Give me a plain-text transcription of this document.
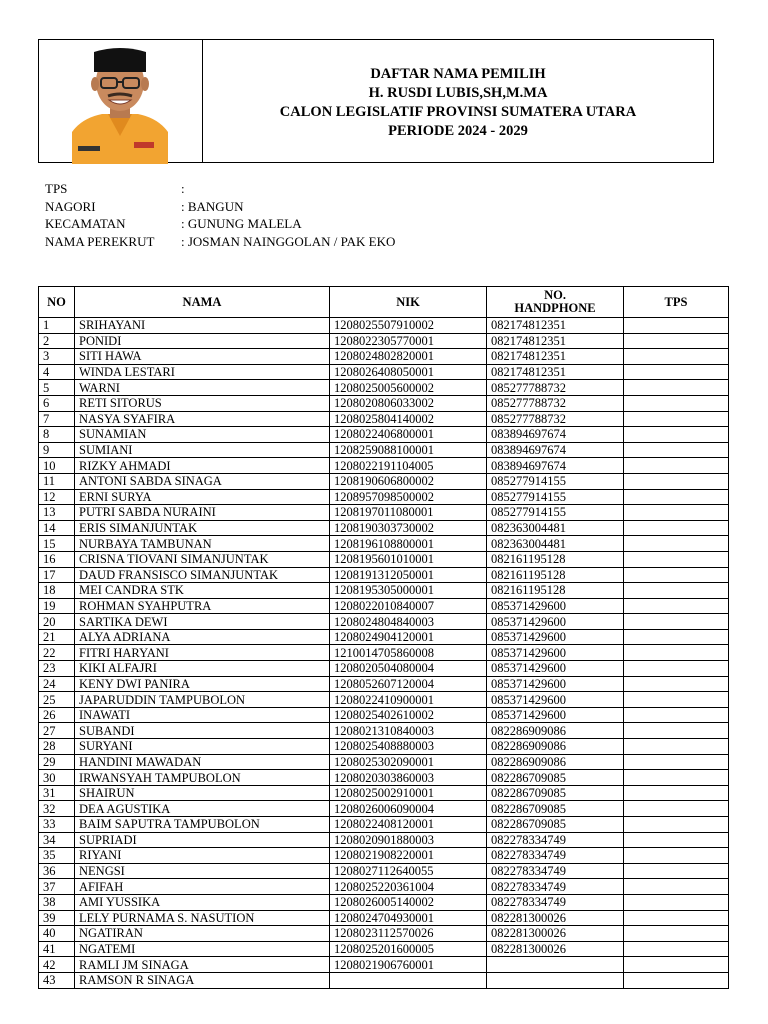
DAFTAR NAMA PEMILIH
H. RUSDI LUBIS,SH,M.MA
CALON LEGISLATIF PROVINSI SUMATERA UTARA
PERIODE 2024 - 2029
TPS	:
NAGORI	: BANGUN
KECAMATAN	: GUNUNG MALELA
NAMA PEREKRUT	: JOSMAN NAINGGOLAN / PAK EKO
NO	NAMA	NIK	NO.
HANDPHONE	TPS
1	SRIHAYANI	1208025507910002	082174812351	
2	PONIDI	1208022305770001	082174812351	
3	SITI HAWA	1208024802820001	082174812351	
4	WINDA LESTARI	1208026408050001	082174812351	
5	WARNI	1208025005600002	085277788732	
6	RETI SITORUS	1208020806033002	085277788732	
7	NASYA SYAFIRA	1208025804140002	085277788732	
8	SUNAMIAN	1208022406800001	083894697674	
9	SUMIANI	1208259088100001	083894697674	
10	RIZKY AHMADI	1208022191104005	083894697674	
11	ANTONI SABDA SINAGA	1208190606800002	085277914155	
12	ERNI SURYA	1208957098500002	085277914155	
13	PUTRI SABDA NURAINI	1208197011080001	085277914155	
14	ERIS SIMANJUNTAK	1208190303730002	082363004481	
15	NURBAYA TAMBUNAN	1208196108800001	082363004481	
16	CRISNA TIOVANI SIMANJUNTAK	1208195601010001	082161195128	
17	DAUD FRANSISCO SIMANJUNTAK	1208191312050001	082161195128	
18	MEI CANDRA STK	1208195305000001	082161195128	
19	ROHMAN SYAHPUTRA	1208022010840007	085371429600	
20	SARTIKA DEWI	1208024804840003	085371429600	
21	ALYA ADRIANA	1208024904120001	085371429600	
22	FITRI HARYANI	1210014705860008	085371429600	
23	KIKI ALFAJRI	1208020504080004	085371429600	
24	KENY DWI PANIRA	1208052607120004	085371429600	
25	JAPARUDDIN TAMPUBOLON	1208022410900001	085371429600	
26	INAWATI	1208025402610002	085371429600	
27	SUBANDI	1208021310840003	082286909086	
28	SURYANI	1208025408880003	082286909086	
29	HANDINI MAWADAN	1208025302090001	082286909086	
30	IRWANSYAH TAMPUBOLON	1208020303860003	082286709085	
31	SHAIRUN	1208025002910001	082286709085	
32	DEA AGUSTIKA	1208026006090004	082286709085	
33	BAIM SAPUTRA TAMPUBOLON	1208022408120001	082286709085	
34	SUPRIADI	1208020901880003	082278334749	
35	RIYANI	1208021908220001	082278334749	
36	NENGSI	1208027112640055	082278334749	
37	AFIFAH	1208025220361004	082278334749	
38	AMI YUSSIKA	1208026005140002	082278334749	
39	LELY PURNAMA S. NASUTION	1208024704930001	082281300026	
40	NGATIRAN	1208023112570026	082281300026	
41	NGATEMI	1208025201600005	082281300026	
42	RAMLI JM SINAGA	1208021906760001		
43	RAMSON R SINAGA			
